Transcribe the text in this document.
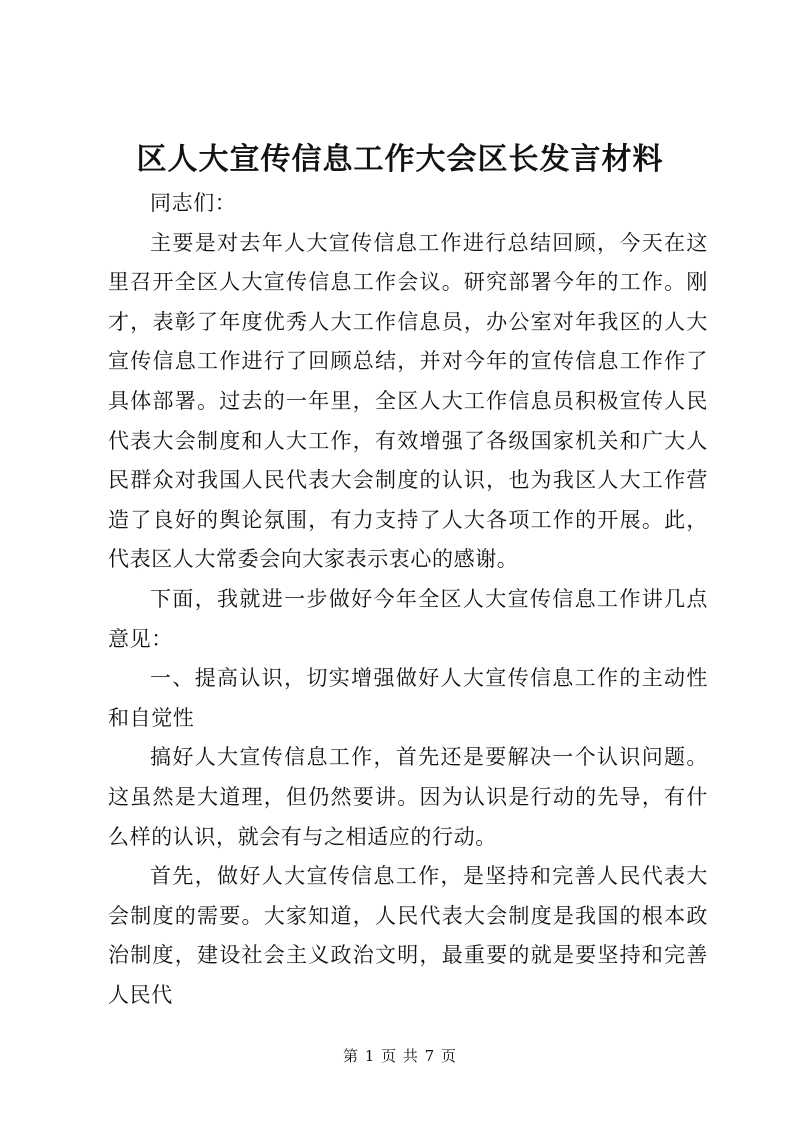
区人大宣传信息工作大会区长发言材料

同志们：

主要是对去年人大宣传信息工作进行总结回顾，今天在这里召开全区人大宣传信息工作会议。研究部署今年的工作。刚才，表彰了年度优秀人大工作信息员，办公室对年我区的人大宣传信息工作进行了回顾总结，并对今年的宣传信息工作作了具体部署。过去的一年里，全区人大工作信息员积极宣传人民代表大会制度和人大工作，有效增强了各级国家机关和广大人民群众对我国人民代表大会制度的认识，也为我区人大工作营造了良好的舆论氛围，有力支持了人大各项工作的开展。此，代表区人大常委会向大家表示衷心的感谢。

下面，我就进一步做好今年全区人大宣传信息工作讲几点意见：

一、提高认识，切实增强做好人大宣传信息工作的主动性和自觉性

搞好人大宣传信息工作，首先还是要解决一个认识问题。这虽然是大道理，但仍然要讲。因为认识是行动的先导，有什么样的认识，就会有与之相适应的行动。

首先，做好人大宣传信息工作，是坚持和完善人民代表大会制度的需要。大家知道，人民代表大会制度是我国的根本政治制度，建设社会主义政治文明，最重要的就是要坚持和完善人民代

第 1 页 共 7 页
